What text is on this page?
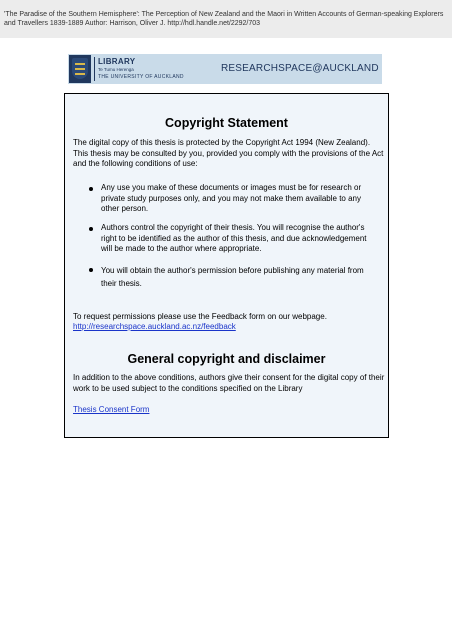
'The Paradise of the Southern Hemisphere': The Perception of New Zealand and the Maori in Written Accounts of German-speaking Explorers and Travellers 1839-1889 Author: Harrison, Oliver J. http://hdl.handle.net/2292/703
LIBRARY
Te Tumu Herenga
THE UNIVERSITY OF AUCKLAND
RESEARCHSPACE@AUCKLAND
Copyright Statement
The digital copy of this thesis is protected by the Copyright Act 1994 (New Zealand). This thesis may be consulted by you, provided you comply with the provisions of the Act and the following conditions of use:
Any use you make of these documents or images must be for research or private study purposes only, and you may not make them available to any other person.
Authors control the copyright of their thesis. You will recognise the author's right to be identified as the author of this thesis, and due acknowledgement will be made to the author where appropriate.
You will obtain the author's permission before publishing any material from their thesis.
To request permissions please use the Feedback form on our webpage.
http://researchspace.auckland.ac.nz/feedback
General copyright and disclaimer
In addition to the above conditions, authors give their consent for the digital copy of their work to be used subject to the conditions specified on the Library
Thesis Consent Form
